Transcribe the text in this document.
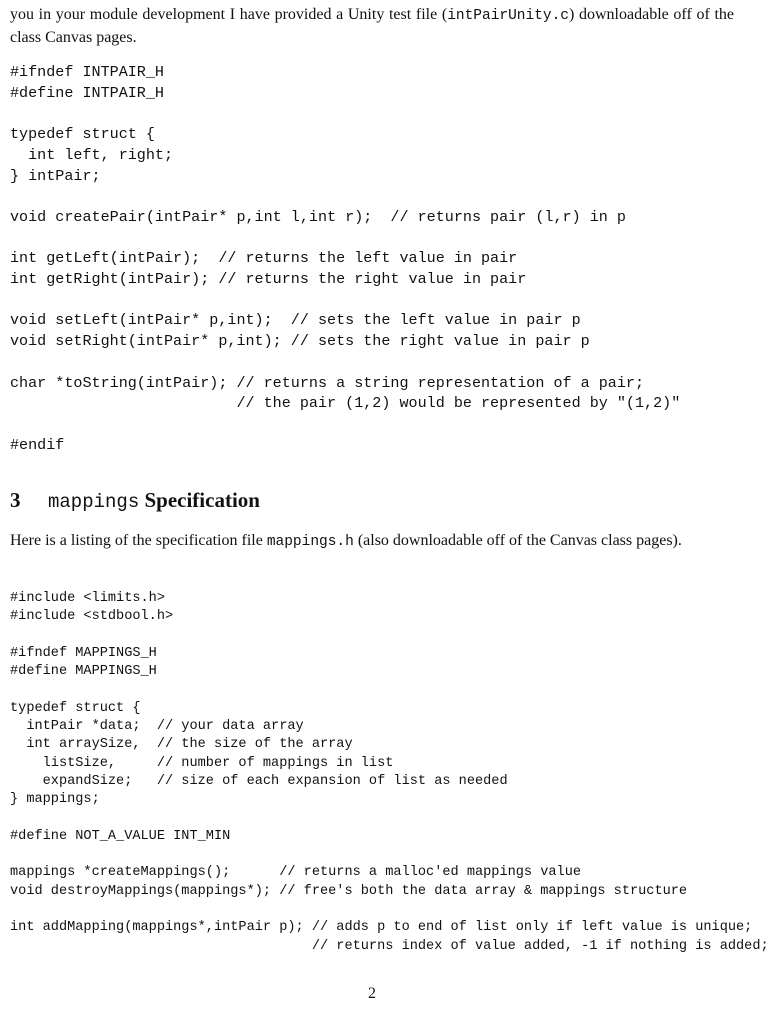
you in your module development I have provided a Unity test file (intPairUnity.c) downloadable off of the class Canvas pages.

#ifndef INTPAIR_H
#define INTPAIR_H

typedef struct {
int left, right;
} intPair;

void createPair(intPair* p,int l,int r);  // returns pair (l,r) in p

int getLeft(intPair);  // returns the left value in pair
int getRight(intPair); // returns the right value in pair

void setLeft(intPair* p,int);  // sets the left value in pair p
void setRight(intPair* p,int); // sets the right value in pair p

char *toString(intPair); // returns a string representation of a pair;
// the pair (1,2) would be represented by "(1,2)"

#endif
3 mappings Specification

Here is a listing of the specification file mappings.h (also downloadable off of the Canvas class pages).

#include <limits.h>
#include <stdbool.h>

#ifndef MAPPINGS_H
#define MAPPINGS_H

typedef struct {
intPair *data;  // your data array
int arraySize,  // the size of the array
listSize,     // number of mappings in list
expandSize;   // size of each expansion of list as needed
} mappings;

#define NOT_A_VALUE INT_MIN

mappings *createMappings();      // returns a malloc'ed mappings value
void destroyMappings(mappings*); // free's both the data array & mappings structure

int addMapping(mappings*,intPair p); // adds p to end of list only if left value is unique;
// returns index of value added, -1 if nothing is added;
2
